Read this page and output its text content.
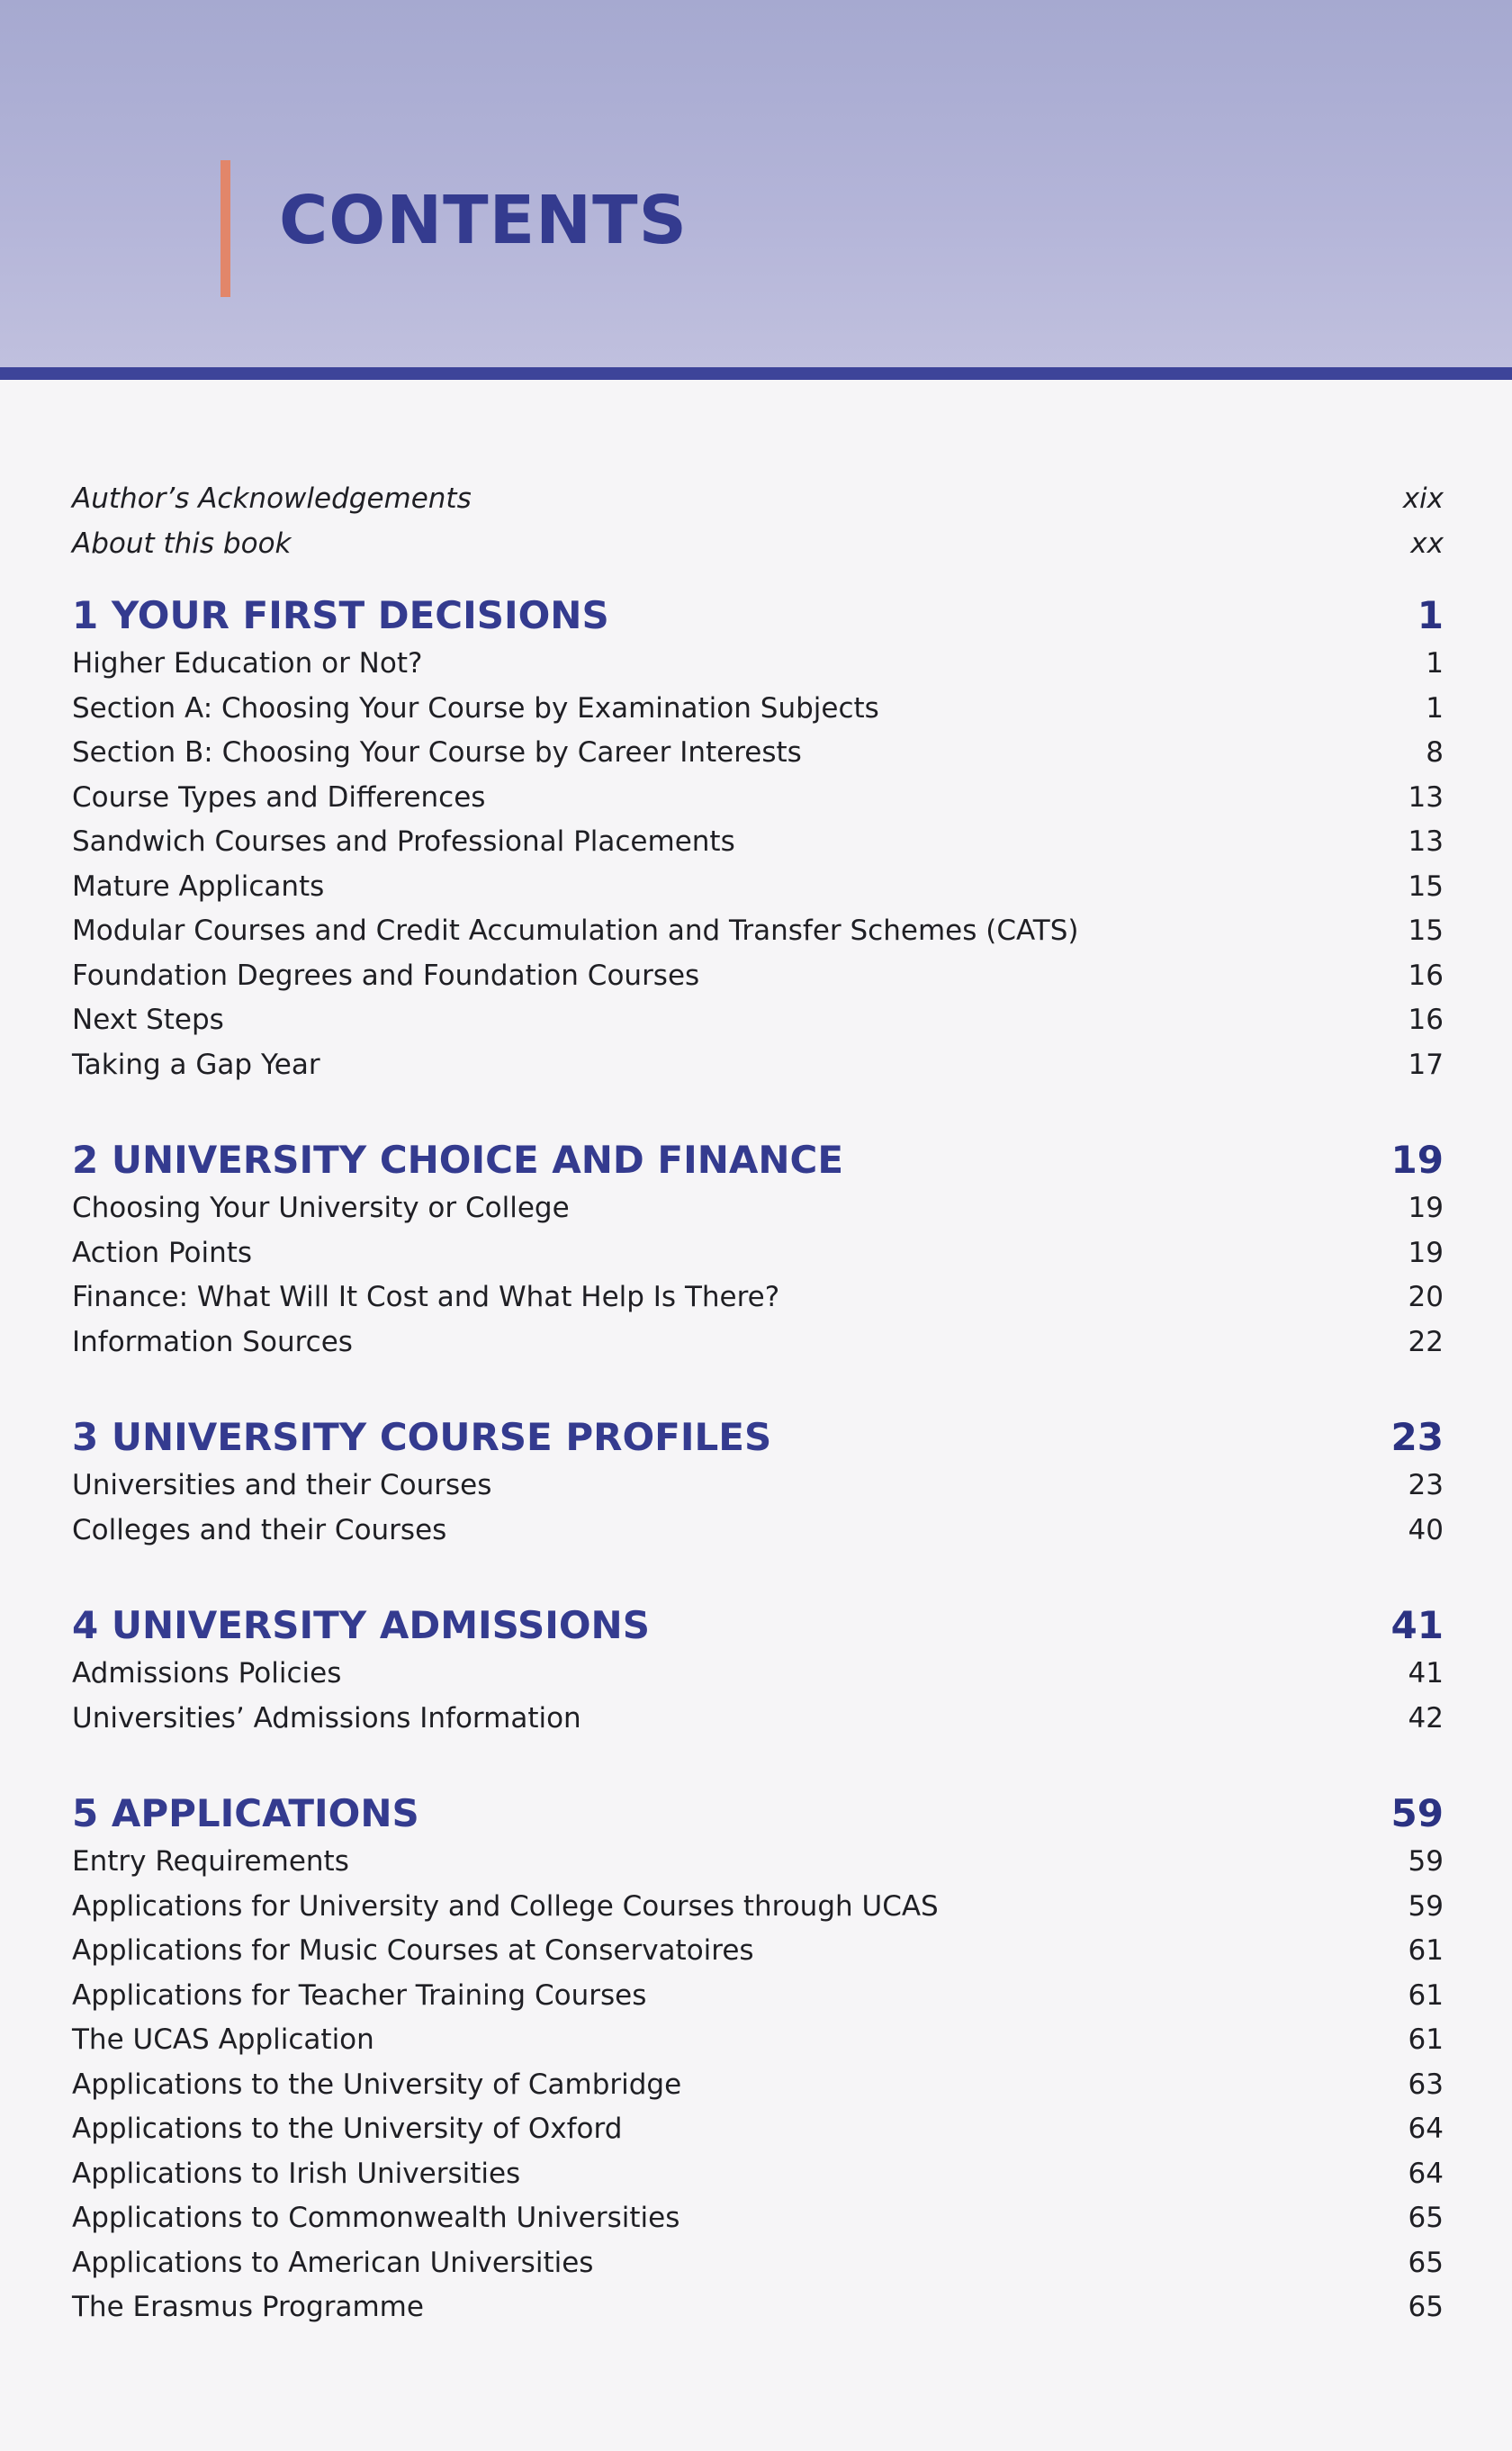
CONTENTS
Author’s Acknowledgements	xix
About this book	xx
1 YOUR FIRST DECISIONS	1
Higher Education or Not?	1
Section A: Choosing Your Course by Examination Subjects	1
Section B: Choosing Your Course by Career Interests	8
Course Types and Differences	13
Sandwich Courses and Professional Placements	13
Mature Applicants	15
Modular Courses and Credit Accumulation and Transfer Schemes (CATS)	15
Foundation Degrees and Foundation Courses	16
Next Steps	16
Taking a Gap Year	17
2 UNIVERSITY CHOICE AND FINANCE	19
Choosing Your University or College	19
Action Points	19
Finance: What Will It Cost and What Help Is There?	20
Information Sources	22
3 UNIVERSITY COURSE PROFILES	23
Universities and their Courses	23
Colleges and their Courses	40
4 UNIVERSITY ADMISSIONS	41
Admissions Policies	41
Universities’ Admissions Information	42
5 APPLICATIONS	59
Entry Requirements	59
Applications for University and College Courses through UCAS	59
Applications for Music Courses at Conservatoires	61
Applications for Teacher Training Courses	61
The UCAS Application	61
Applications to the University of Cambridge	63
Applications to the University of Oxford	64
Applications to Irish Universities	64
Applications to Commonwealth Universities	65
Applications to American Universities	65
The Erasmus Programme	65
